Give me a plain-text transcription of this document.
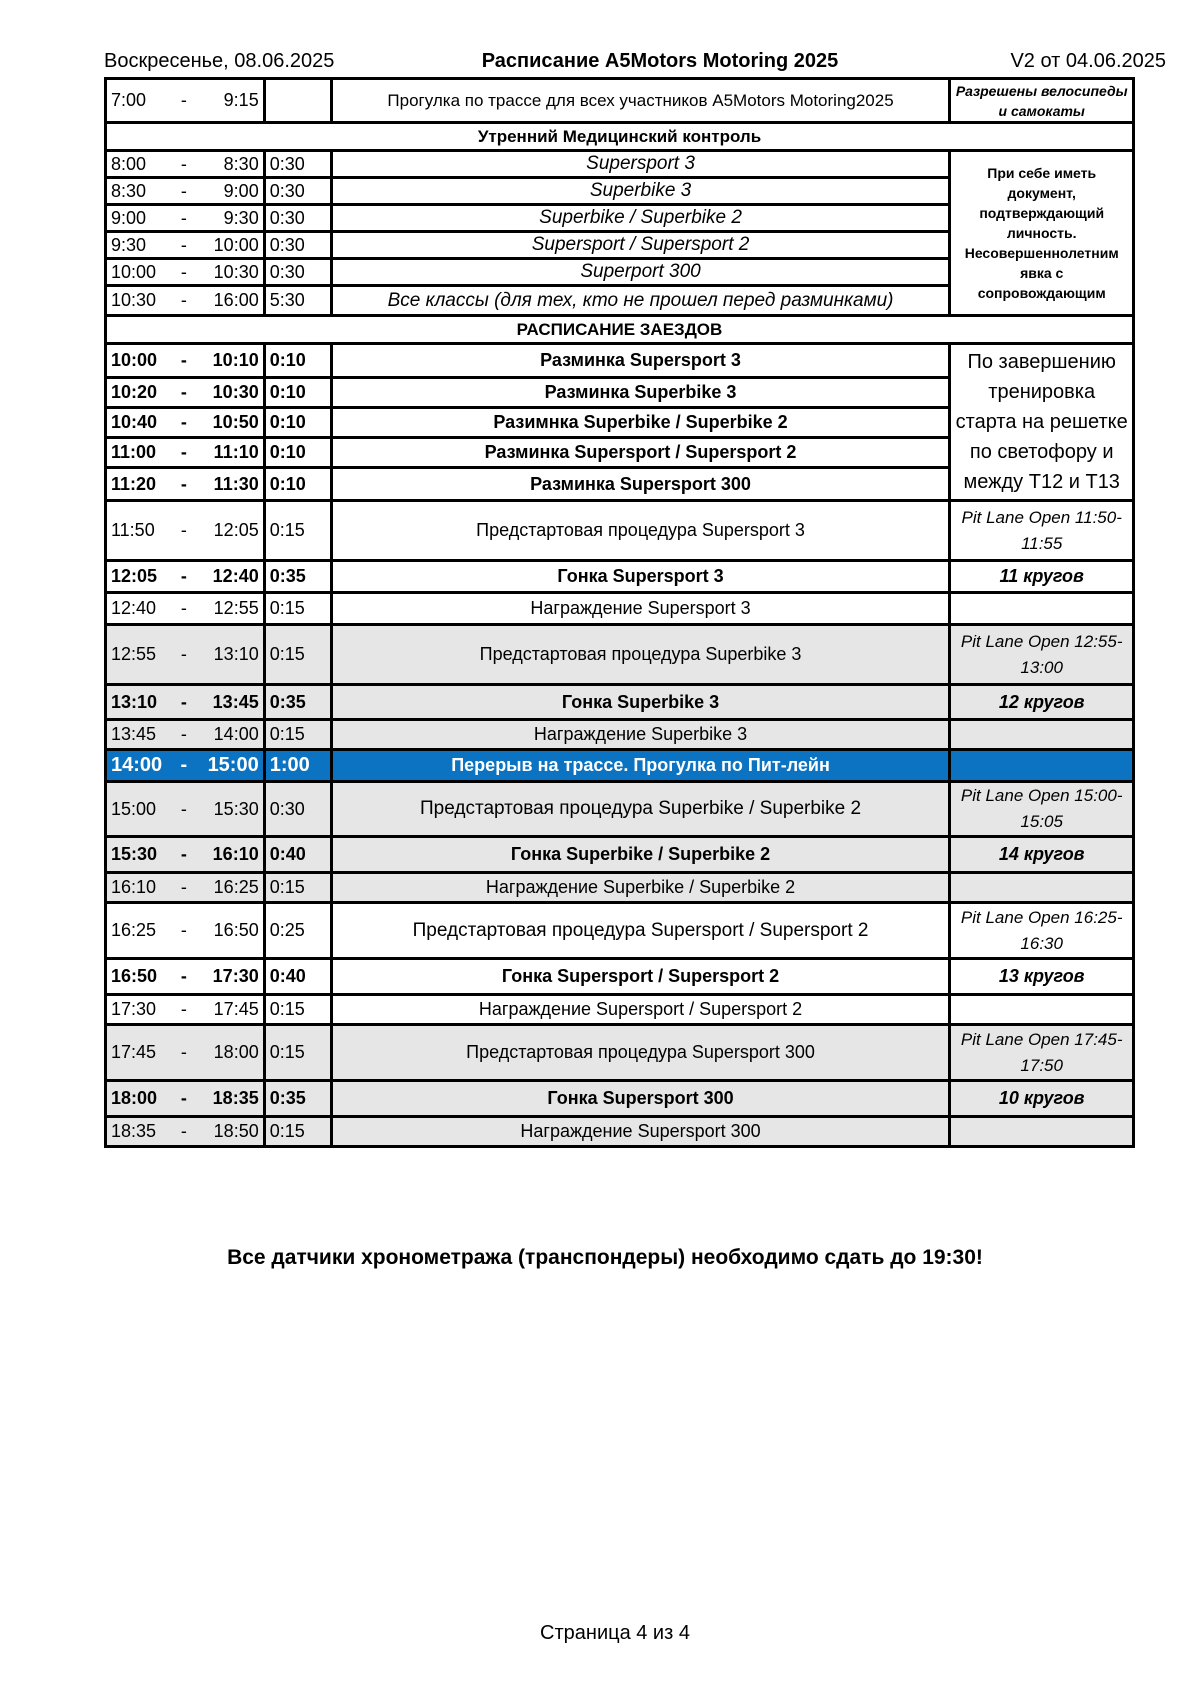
Воскресенье, 08.06.2025	Расписание A5Motors Motoring 2025	V2 от 04.06.2025
7:00 - 9:15		Прогулка по трассе для всех участников A5Motors Motoring2025	Разрешены велосипеды и самокаты
Утренний Медицинский контроль			

8:00 - 8:30	0:30	Supersport 3	При себе иметь документ, подтверждающий личность. Несовершеннолетним явка с сопровождающим

8:30 - 9:00	0:30	Superbike 3	

9:00 - 9:30	0:30	Superbike / Superbike 2	

9:30 - 10:00	0:30	Supersport / Supersport 2	

10:00 - 10:30	0:30	Superport 300	

10:30 - 16:00	5:30	Все классы (для тех, кто не прошел перед разминками)	
РАСПИСАНИЕ ЗАЕЗДОВ			

10:00 - 10:10	0:10	Разминка Supersport 3	По завершению тренировка старта на решетке по светофору и между Т12 и Т13

10:20 - 10:30	0:10	Разминка Superbike 3	

10:40 - 10:50	0:10	Разимнка Superbike / Superbike 2	

11:00 - 11:10	0:10	Разминка Supersport / Supersport 2	

11:20 - 11:30	0:10	Разминка Supersport 300	

11:50 - 12:05	0:15	Предстартовая процедура Supersport 3	Pit Lane Open 11:50-11:55

12:05 - 12:40	0:35	Гонка Supersport 3	11 кругов

12:40 - 12:55	0:15	Награждение Supersport 3	

12:55 - 13:10	0:15	Предстартовая процедура Superbike 3	Pit Lane Open 12:55-13:00

13:10 - 13:45	0:35	Гонка Superbike 3	12 кругов

13:45 - 14:00	0:15	Награждение Superbike 3	

14:00 - 15:00	1:00	Перерыв на трассе. Прогулка по Пит-лейн	

15:00 - 15:30	0:30	Предстартовая процедура Superbike / Superbike 2	Pit Lane Open 15:00-15:05

15:30 - 16:10	0:40	Гонка Superbike / Superbike 2	14 кругов

16:10 - 16:25	0:15	Награждение Superbike / Superbike 2	

16:25 - 16:50	0:25	Предстартовая процедура Supersport / Supersport 2	Pit Lane Open 16:25-16:30

16:50 - 17:30	0:40	Гонка Supersport / Supersport 2	13 кругов

17:30 - 17:45	0:15	Награждение Supersport / Supersport 2	

17:45 - 18:00	0:15	Предстартовая процедура Supersport 300	Pit Lane Open 17:45-17:50

18:00 - 18:35	0:35	Гонка Supersport 300	10 кругов

18:35 - 18:50	0:15	Награждение Supersport 300	
Все датчики хронометража (транспондеры) необходимо сдать до 19:30!
Страница 4 из 4
